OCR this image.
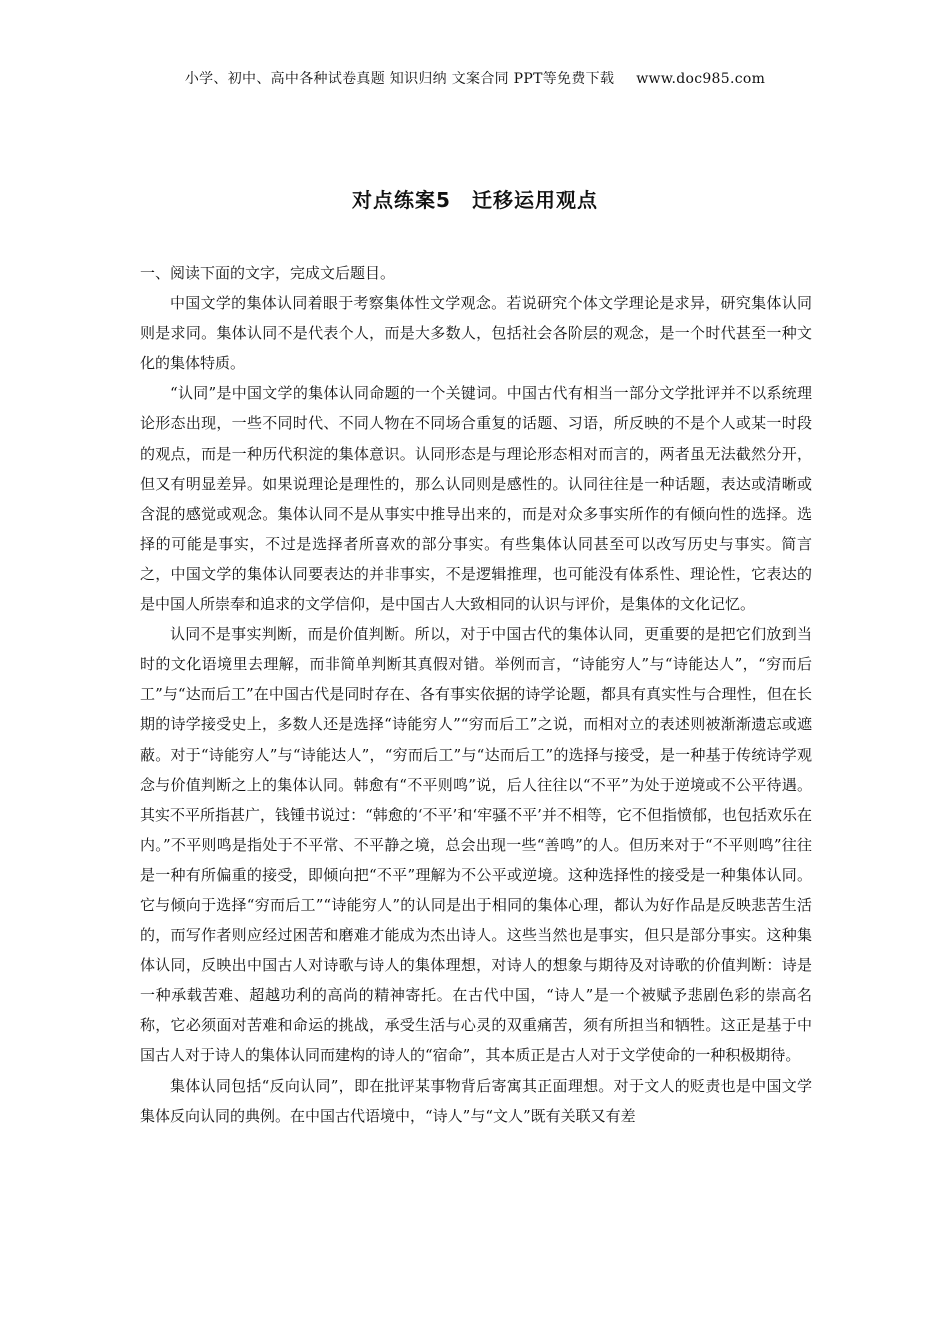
小学、初中、高中各种试卷真题 知识归纳 文案合同 PPT等免费下载 www.doc985.com
对点练案5　迁移运用观点

一、阅读下面的文字，完成文后题目。

中国文学的集体认同着眼于考察集体性文学观念。若说研究个体文学理论是求异，研究集体认同则是求同。集体认同不是代表个人，而是大多数人，包括社会各阶层的观念，是一个时代甚至一种文化的集体特质。

“认同”是中国文学的集体认同命题的一个关键词。中国古代有相当一部分文学批评并不以系统理论形态出现，一些不同时代、不同人物在不同场合重复的话题、习语，所反映的不是个人或某一时段的观点，而是一种历代积淀的集体意识。认同形态是与理论形态相对而言的，两者虽无法截然分开，但又有明显差异。如果说理论是理性的，那么认同则是感性的。认同往往是一种话题，表达或清晰或含混的感觉或观念。集体认同不是从事实中推导出来的，而是对众多事实所作的有倾向性的选择。选择的可能是事实，不过是选择者所喜欢的部分事实。有些集体认同甚至可以改写历史与事实。简言之，中国文学的集体认同要表达的并非事实，不是逻辑推理，也可能没有体系性、理论性，它表达的是中国人所崇奉和追求的文学信仰，是中国古人大致相同的认识与评价，是集体的文化记忆。

认同不是事实判断，而是价值判断。所以，对于中国古代的集体认同，更重要的是把它们放到当时的文化语境里去理解，而非简单判断其真假对错。举例而言，“诗能穷人”与“诗能达人”，“穷而后工”与“达而后工”在中国古代是同时存在、各有事实依据的诗学论题，都具有真实性与合理性，但在长期的诗学接受史上，多数人还是选择“诗能穷人”“穷而后工”之说，而相对立的表述则被渐渐遗忘或遮蔽。对于“诗能穷人”与“诗能达人”，“穷而后工”与“达而后工”的选择与接受，是一种基于传统诗学观念与价值判断之上的集体认同。韩愈有“不平则鸣”说，后人往往以“不平”为处于逆境或不公平待遇。其实不平所指甚广，钱锺书说过：“韩愈的‘不平’和‘牢骚不平’并不相等，它不但指愤郁，也包括欢乐在内。”不平则鸣是指处于不平常、不平静之境，总会出现一些“善鸣”的人。但历来对于“不平则鸣”往往是一种有所偏重的接受，即倾向把“不平”理解为不公平或逆境。这种选择性的接受是一种集体认同。它与倾向于选择“穷而后工”“诗能穷人”的认同是出于相同的集体心理，都认为好作品是反映悲苦生活的，而写作者则应经过困苦和磨难才能成为杰出诗人。这些当然也是事实，但只是部分事实。这种集体认同，反映出中国古人对诗歌与诗人的集体理想，对诗人的想象与期待及对诗歌的价值判断：诗是一种承载苦难、超越功利的高尚的精神寄托。在古代中国，“诗人”是一个被赋予悲剧色彩的崇高名称，它必须面对苦难和命运的挑战，承受生活与心灵的双重痛苦，须有所担当和牺牲。这正是基于中国古人对于诗人的集体认同而建构的诗人的“宿命”，其本质正是古人对于文学使命的一种积极期待。

集体认同包括“反向认同”，即在批评某事物背后寄寓其正面理想。对于文人的贬责也是中国文学集体反向认同的典例。在中国古代语境中，“诗人”与“文人”既有关联又有差
